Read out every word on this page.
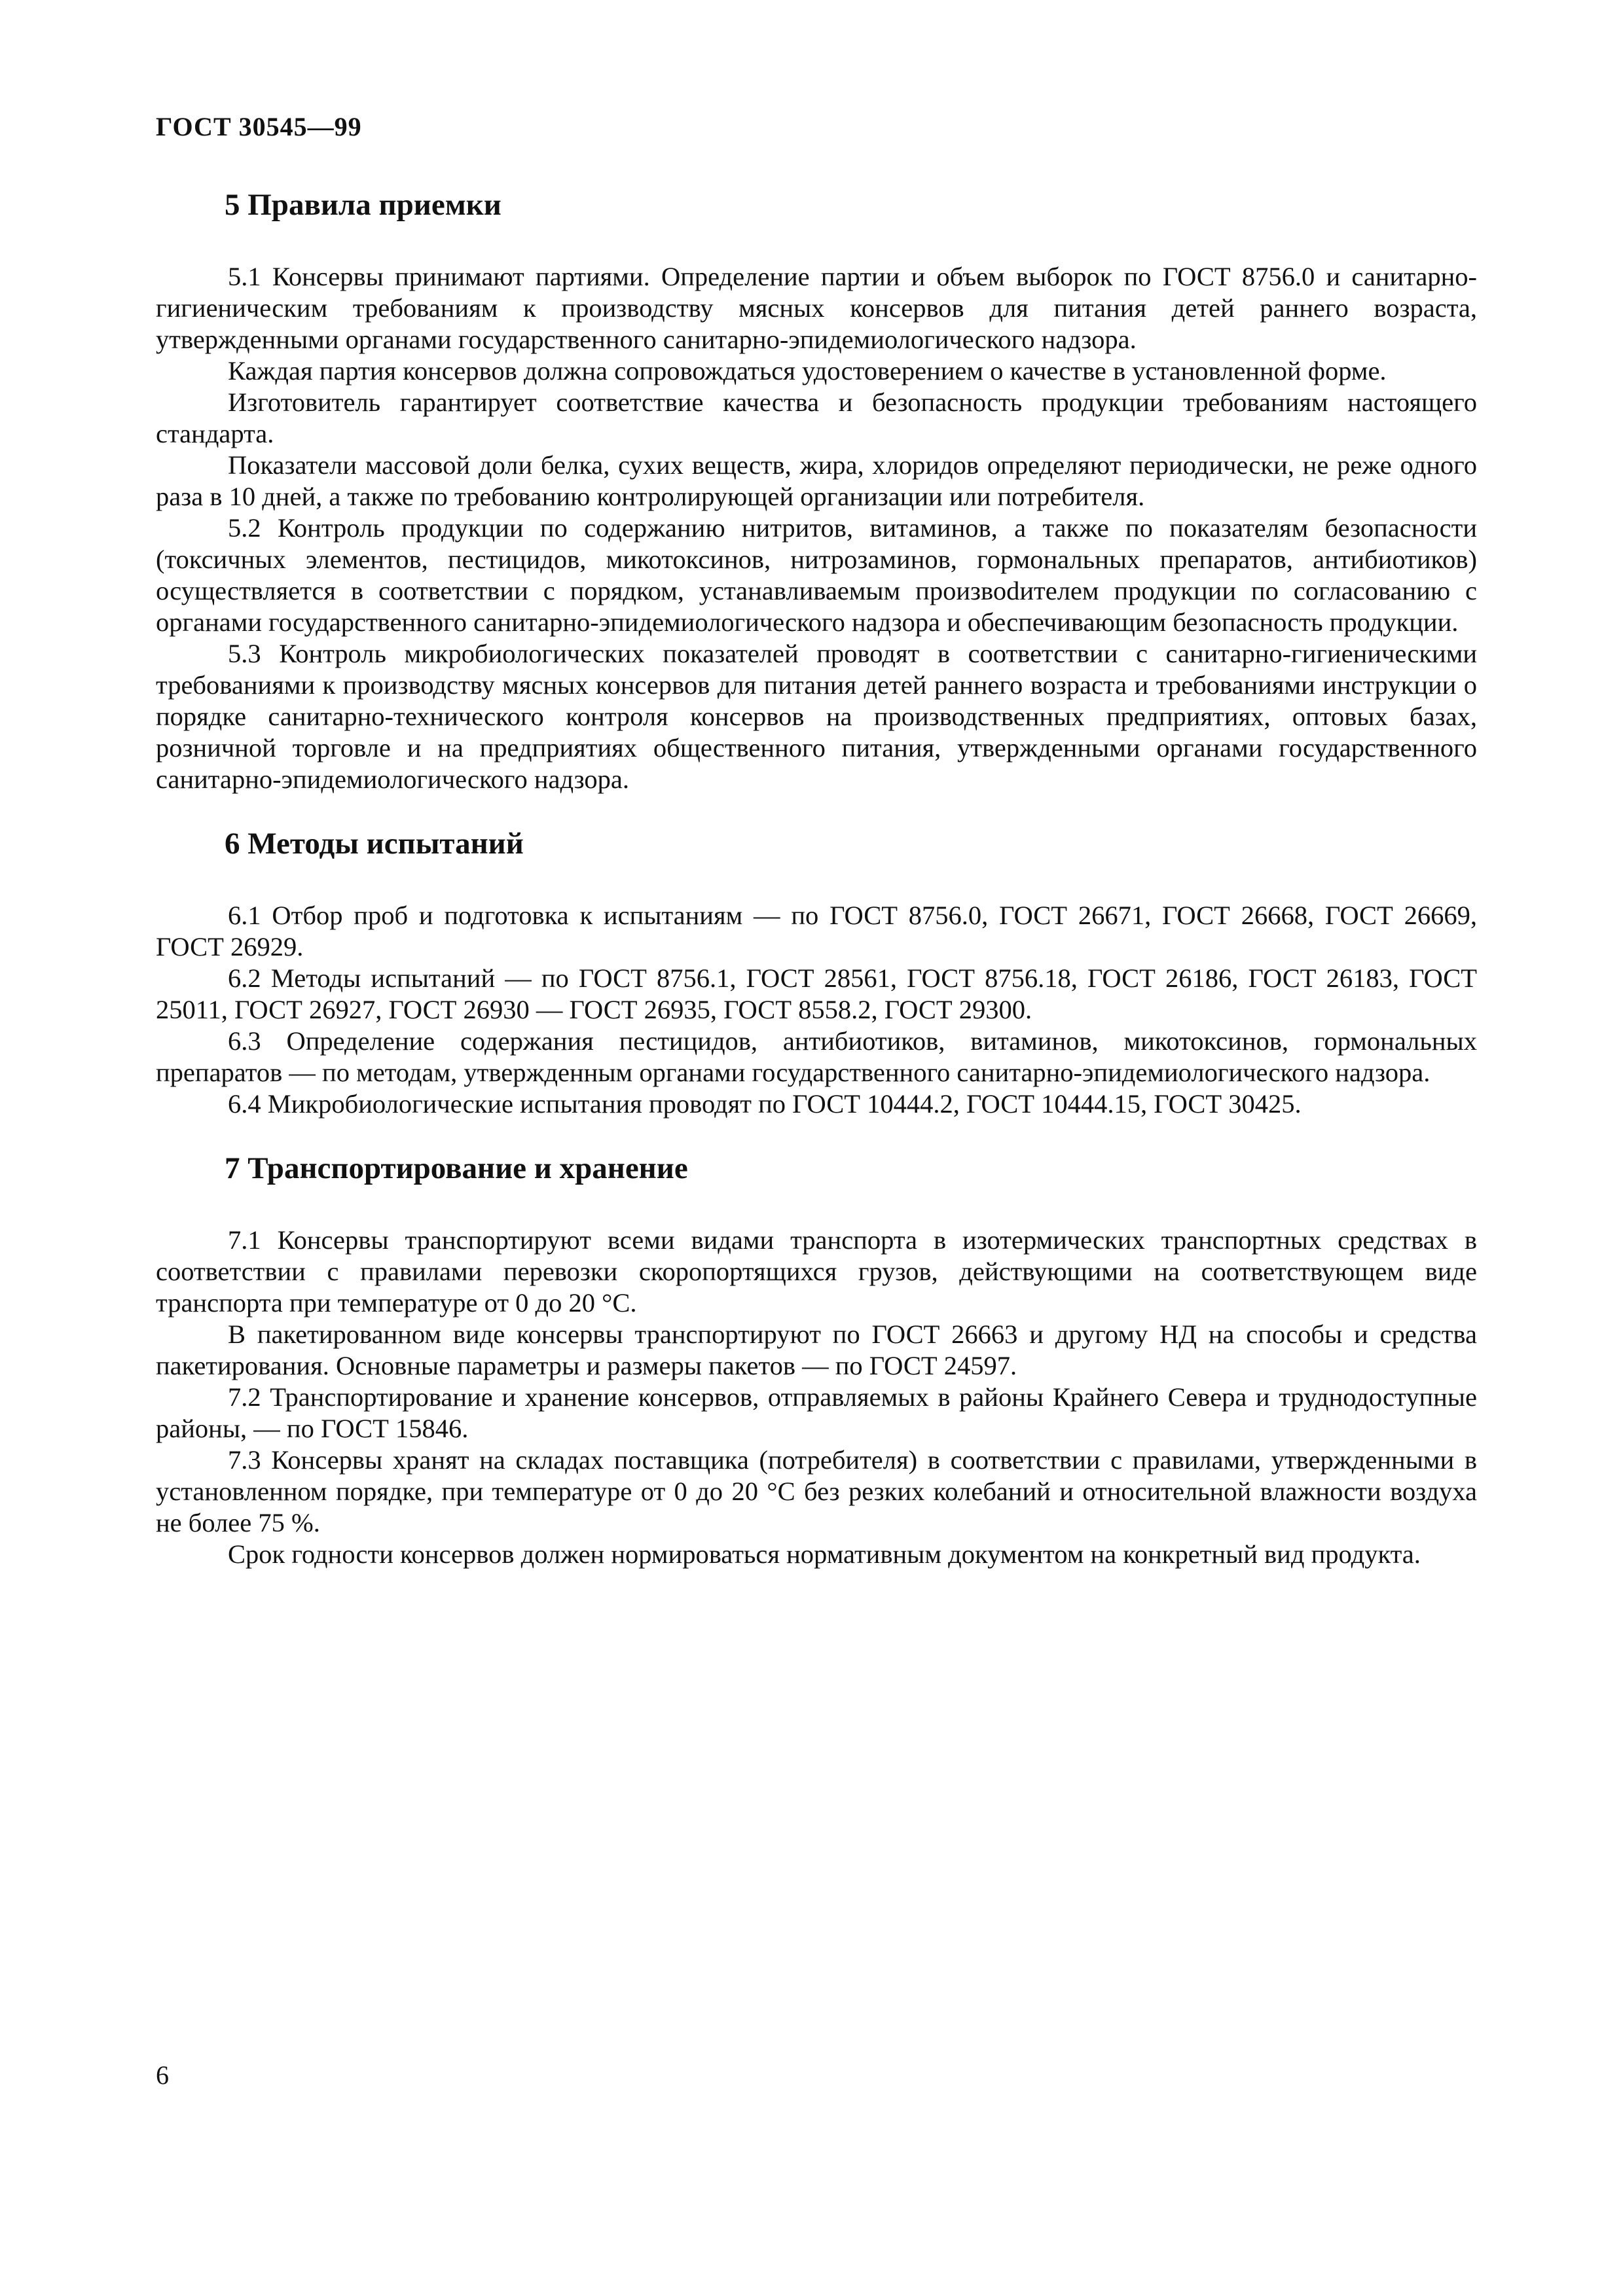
ГОСТ 30545—99
5 Правила приемки

5.1 Консервы принимают партиями. Определение партии и объем выборок по ГОСТ 8756.0 и санитарно-гигиеническим требованиям к производству мясных консервов для питания детей раннего возраста, утвержденными органами государственного санитарно-эпидемиологического надзора.

Каждая партия консервов должна сопровождаться удостоверением о качестве в установленной форме.

Изготовитель гарантирует соответствие качества и безопасность продукции требованиям настоящего стандарта.

Показатели массовой доли белка, сухих веществ, жира, хлоридов определяют периодически, не реже одного раза в 10 дней, а также по требованию контролирующей организации или потребителя.

5.2 Контроль продукции по содержанию нитритов, витаминов, а также по показателям безопасности (токсичных элементов, пестицидов, микотоксинов, нитрозаминов, гормональных препаратов, антибиотиков) осуществляется в соответствии с порядком, устанавливаемым произвоdителем продукции по согласованию с органами государственного санитарно-эпидемиологического надзора и обеспечивающим безопасность продукции.

5.3 Контроль микробиологических показателей проводят в соответствии с санитарно-гигиеническими требованиями к производству мясных консервов для питания детей раннего возраста и требованиями инструкции о порядке санитарно-технического контроля консервов на производственных предприятиях, оптовых базах, розничной торговле и на предприятиях общественного питания, утвержденными органами государственного санитарно-эпидемиологического надзора.

6 Методы испытаний

6.1 Отбор проб и подготовка к испытаниям — по ГОСТ 8756.0, ГОСТ 26671, ГОСТ 26668, ГОСТ 26669, ГОСТ 26929.

6.2 Методы испытаний — по ГОСТ 8756.1, ГОСТ 28561, ГОСТ 8756.18, ГОСТ 26186, ГОСТ 26183, ГОСТ 25011, ГОСТ 26927, ГОСТ 26930 — ГОСТ 26935, ГОСТ 8558.2, ГОСТ 29300.

6.3 Определение содержания пестицидов, антибиотиков, витаминов, микотоксинов, гормональных препаратов — по методам, утвержденным органами государственного санитарно-эпидемиологического надзора.

6.4 Микробиологические испытания проводят по ГОСТ 10444.2, ГОСТ 10444.15, ГОСТ 30425.

7 Транспортирование и хранение

7.1 Консервы транспортируют всеми видами транспорта в изотермических транспортных средствах в соответствии с правилами перевозки скоропортящихся грузов, действующими на соответствующем виде транспорта при температуре от 0 до 20 °С.

В пакетированном виде консервы транспортируют по ГОСТ 26663 и другому НД на способы и средства пакетирования. Основные параметры и размеры пакетов — по ГОСТ 24597.

7.2 Транспортирование и хранение консервов, отправляемых в районы Крайнего Севера и труднодоступные районы, — по ГОСТ 15846.

7.3 Консервы хранят на складах поставщика (потребителя) в соответствии с правилами, утвержденными в установленном порядке, при температуре от 0 до 20 °С без резких колебаний и относительной влажности воздуха не более 75 %.

Срок годности консервов должен нормироваться нормативным документом на конкретный вид продукта.

6
